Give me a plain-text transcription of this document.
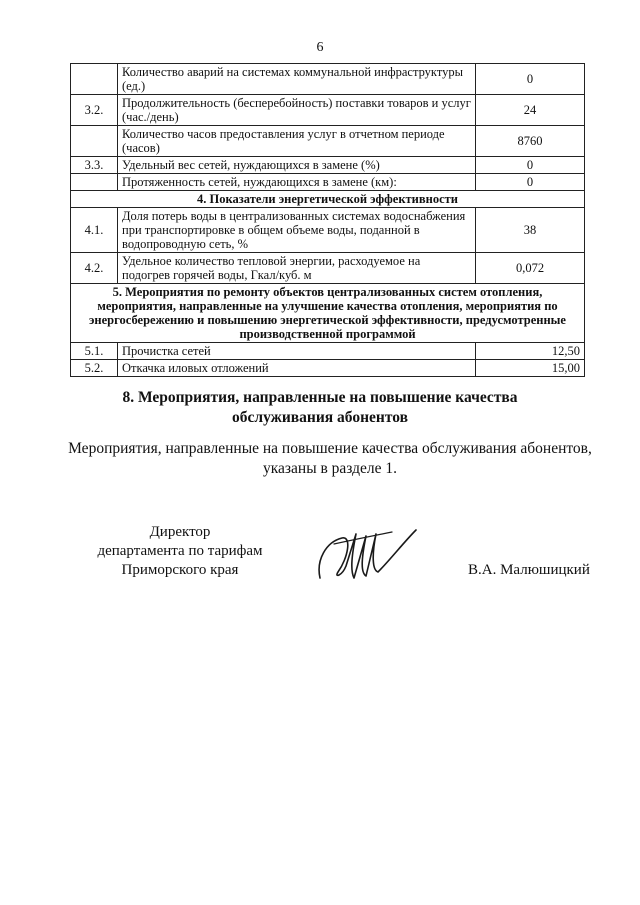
6
	Количество аварий на системах коммунальной инфраструктуры (ед.)	0
3.2.	Продолжительность (бесперебойность) поставки товаров и услуг (час./день)	24
	Количество часов предоставления услуг в отчетном периоде (часов)	8760
3.3.	Удельный вес сетей, нуждающихся в замене (%)	0
	Протяженность сетей, нуждающихся в замене (км):	0
4. Показатели энергетической эффективности		
4.1.	Доля потерь воды в централизованных системах водоснабжения при транспортировке в общем объеме воды, поданной в водопроводную сеть, %	38
4.2.	Удельное количество тепловой энергии, расходуемое на подогрев горячей воды, Гкал/куб. м	0,072
5. Мероприятия по ремонту объектов централизованных систем отопления, мероприятия, направленные на улучшение качества отопления, мероприятия по энергосбережению и повышению энергетической эффективности, предусмотренные производственной программой		
5.1.	Прочистка сетей	12,50
5.2.	Откачка иловых отложений	15,00
8. Мероприятия, направленные на повышение качества обслуживания абонентов
Мероприятия, направленные на повышение качества обслуживания абонентов, указаны в разделе 1.
Директор
департамента по тарифам
Приморского края	В.А. Малюшицкий
